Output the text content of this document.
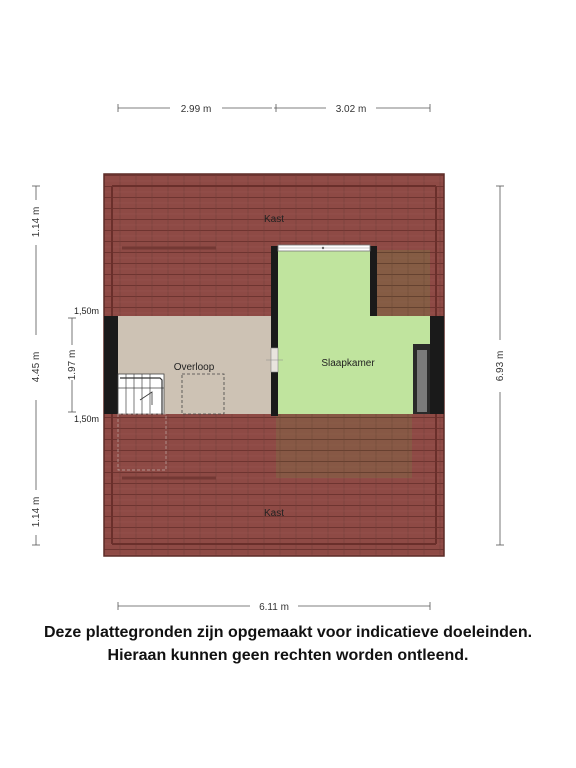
2.99 m	3.02 m
6.11 m
1.14 m
4.45 m
1.14 m
1,50m
1.97 m
1,50m
6.93 m
Kast
Overloop	Slaapkamer
Kast
Deze plattegronden zijn opgemaakt voor indicatieve doeleinden.
Hieraan kunnen geen rechten worden ontleend.
